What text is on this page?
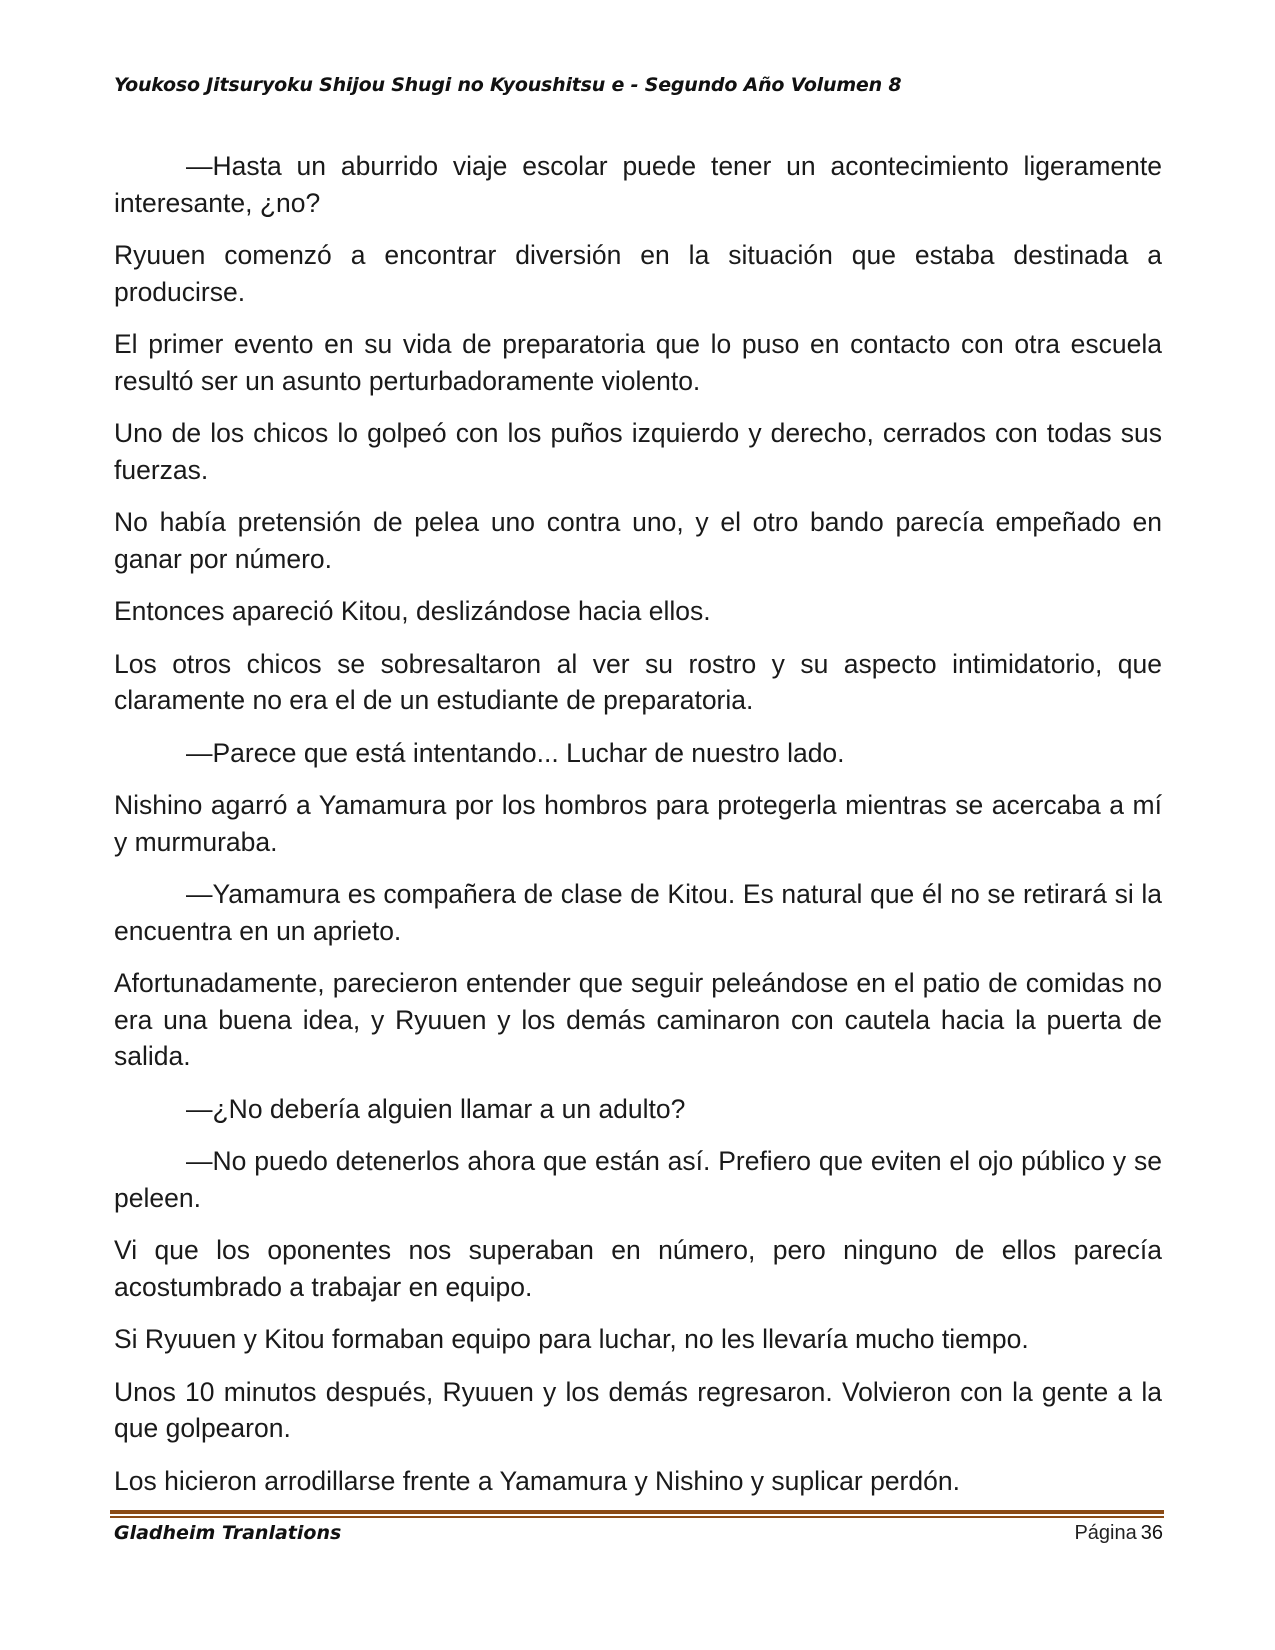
Youkoso Jitsuryoku Shijou Shugi no Kyoushitsu e - Segundo Año Volumen 8

—Hasta un aburrido viaje escolar puede tener un acontecimiento ligeramente interesante, ¿no?

Ryuuen comenzó a encontrar diversión en la situación que estaba destinada a producirse.

El primer evento en su vida de preparatoria que lo puso en contacto con otra escuela resultó ser un asunto perturbadoramente violento.

Uno de los chicos lo golpeó con los puños izquierdo y derecho, cerrados con todas sus fuerzas.

No había pretensión de pelea uno contra uno, y el otro bando parecía empeñado en ganar por número.

Entonces apareció Kitou, deslizándose hacia ellos.

Los otros chicos se sobresaltaron al ver su rostro y su aspecto intimidatorio, que claramente no era el de un estudiante de preparatoria.

—Parece que está intentando... Luchar de nuestro lado.

Nishino agarró a Yamamura por los hombros para protegerla mientras se acercaba a mí y murmuraba.

—Yamamura es compañera de clase de Kitou. Es natural que él no se retirará si la encuentra en un aprieto.

Afortunadamente, parecieron entender que seguir peleándose en el patio de comidas no era una buena idea, y Ryuuen y los demás caminaron con cautela hacia la puerta de salida.

—¿No debería alguien llamar a un adulto?

—No puedo detenerlos ahora que están así. Prefiero que eviten el ojo público y se peleen.

Vi que los oponentes nos superaban en número, pero ninguno de ellos parecía acostumbrado a trabajar en equipo.

Si Ryuuen y Kitou formaban equipo para luchar, no les llevaría mucho tiempo.

Unos 10 minutos después, Ryuuen y los demás regresaron. Volvieron con la gente a la que golpearon.

Los hicieron arrodillarse frente a Yamamura y Nishino y suplicar perdón.

Gladheim Tranlations	Página 36
